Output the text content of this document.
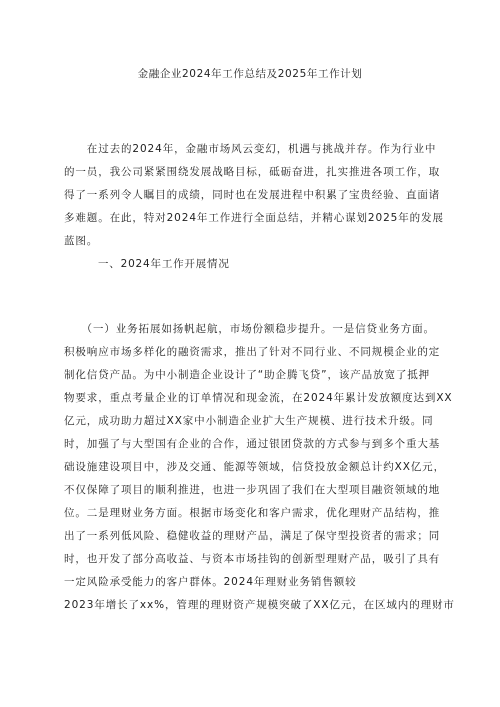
金融企业2024年工作总结及2025年工作计划
　　在过去的2024年，金融市场风云变幻，机遇与挑战并存。作为行业中
的一员，我公司紧紧围绕发展战略目标，砥砺奋进，扎实推进各项工作，取
得了一系列令人瞩目的成绩，同时也在发展进程中积累了宝贵经验、直面诸
多难题。在此，特对2024年工作进行全面总结，并精心谋划2025年的发展
蓝图。
一、2024年工作开展情况
　　（一）业务拓展如扬帆起航，市场份额稳步提升。一是信贷业务方面。
积极响应市场多样化的融资需求，推出了针对不同行业、不同规模企业的定
制化信贷产品。为中小制造企业设计了“助企腾飞贷”，该产品放宽了抵押
物要求，重点考量企业的订单情况和现金流，在2024年累计发放额度达到XX
亿元，成功助力超过XX家中小制造企业扩大生产规模、进行技术升级。同
时，加强了与大型国有企业的合作，通过银团贷款的方式参与到多个重大基
础设施建设项目中，涉及交通、能源等领域，信贷投放金额总计约XX亿元，
不仅保障了项目的顺利推进，也进一步巩固了我们在大型项目融资领域的地
位。二是理财业务方面。根据市场变化和客户需求，优化理财产品结构，推
出了一系列低风险、稳健收益的理财产品，满足了保守型投资者的需求；同
时，也开发了部分高收益、与资本市场挂钩的创新型理财产品，吸引了具有
一定风险承受能力的客户群体。2024年理财业务销售额较
2023年增长了xx%，管理的理财资产规模突破了XX亿元，在区域内的理财市
